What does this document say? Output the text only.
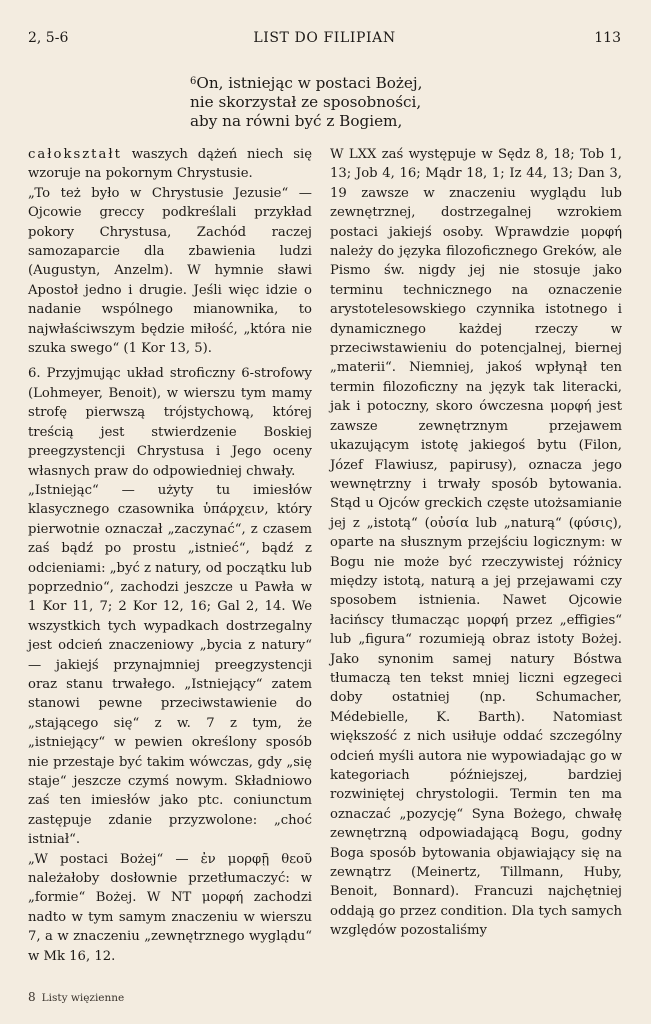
2, 5-6	LIST DO FILIPIAN	113
$^6$On, istniejąc w postaci Bożej,
nie skorzystał ze sposobności,
aby na równi być z Bogiem,

całokształt waszych dążeń niech się wzoruje na pokornym Chrystusie.

„To też było w Chrystusie Jezusie“ — Ojcowie greccy podkreślali przykład pokory Chrystusa, Zachód raczej samozaparcie dla zbawienia ludzi (Augustyn, Anzelm). W hymnie sławi Apostoł jedno i drugie. Jeśli więc idzie o nadanie wspólnego mianownika, to najwłaściwszym będzie miłość, „która nie szuka swego“ (1 Kor 13, 5).

6. Przyjmując układ stroficzny 6-strofowy (Lohmeyer, Benoit), w wierszu tym mamy strofę pierwszą trójstychową, której treścią jest stwierdzenie Boskiej preegzystencji Chrystusa i Jego oceny własnych praw do odpowiedniej chwały.

„Istniejąc“ — użyty tu imiesłów klasycznego czasownika ὑπάρχειν, który pierwotnie oznaczał „zaczynać“, z czasem zaś bądź po prostu „istnieć“, bądź z odcieniami: „być z natury, od początku lub poprzednio“, zachodzi jeszcze u Pawła w 1 Kor 11, 7; 2 Kor 12, 16; Gal 2, 14. We wszystkich tych wypadkach dostrzegalny jest odcień znaczeniowy „bycia z natury“ — jakiejś przynajmniej preegzystencji oraz stanu trwałego. „Istniejący“ zatem stanowi pewne przeciwstawienie do „stającego się“ z w. 7 z tym, że „istniejący“ w pewien określony sposób nie przestaje być takim wówczas, gdy „się staje“ jeszcze czymś nowym. Składniowo zaś ten imiesłów jako ptc. coniunctum zastępuje zdanie przyzwolone: „choć istniał“.

„W postaci Bożej“ — ἐν μορφῇ θεοῦ należałoby dosłownie przetłumaczyć: w „formie“ Bożej. W NT μορφή zachodzi nadto w tym samym znaczeniu w wierszu 7, a w znaczeniu „zewnętrznego wyglądu“ w Mk 16, 12.

W LXX zaś występuje w Sędz 8, 18; Tob 1, 13; Job 4, 16; Mądr 18, 1; Iz 44, 13; Dan 3, 19 zawsze w znaczeniu wyglądu lub zewnętrznej, dostrzegalnej wzrokiem postaci jakiejś osoby. Wprawdzie μορφή należy do języka filozoficznego Greków, ale Pismo św. nigdy jej nie stosuje jako terminu technicznego na oznaczenie arystotelesowskiego czynnika istotnego i dynamicznego każdej rzeczy w przeciwstawieniu do potencjalnej, biernej „materii“. Niemniej, jakoś wpłynął ten termin filozoficzny na język tak literacki, jak i potoczny, skoro ówczesna μορφή jest zawsze zewnętrznym przejawem ukazującym istotę jakiegoś bytu (Filon, Józef Flawiusz, papirusy), oznacza jego wewnętrzny i trwały sposób bytowania. Stąd u Ojców greckich częste utożsamianie jej z „istotą“ (οὐσία lub „naturą“ (φύσις), oparte na słusznym przejściu logicznym: w Bogu nie może być rzeczywistej różnicy między istotą, naturą a jej przejawami czy sposobem istnienia. Nawet Ojcowie łacińscy tłumacząc μορφή przez „effigies“ lub „figura“ rozumieją obraz istoty Bożej. Jako synonim samej natury Bóstwa tłumaczą ten tekst mniej liczni egzegeci doby ostatniej (np. Schumacher, Médebielle, K. Barth). Natomiast większość z nich usiłuje oddać szczególny odcień myśli autora nie wypowiadając go w kategoriach późniejszej, bardziej rozwiniętej chrystologii. Termin ten ma oznaczać „pozycję“ Syna Bożego, chwałę zewnętrzną odpowiadającą Bogu, godny Boga sposób bytowania objawiający się na zewnątrz (Meinertz, Tillmann, Huby, Benoit, Bonnard). Francuzi najchętniej oddają go przez condition. Dla tych samych względów pozostaliśmy

8 Listy więzienne
